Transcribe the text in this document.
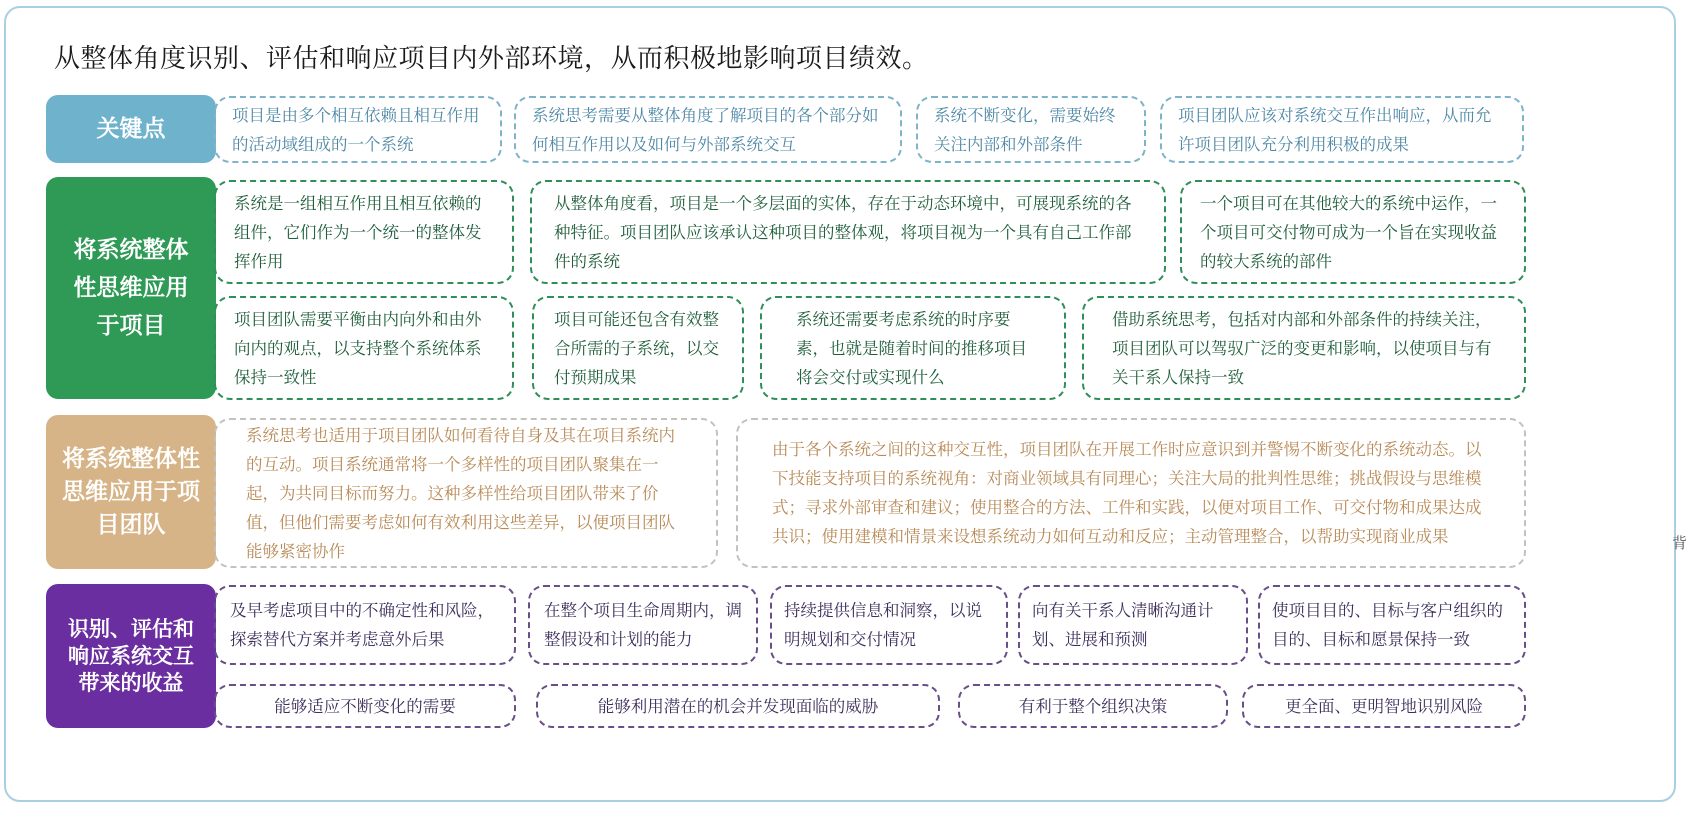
从整体角度识别、评估和响应项目内外部环境，从而积极地影响项目绩效。
关键点
项目是由多个相互依赖且相互作用的活动域组成的一个系统
系统思考需要从整体角度了解项目的各个部分如何相互作用以及如何与外部系统交互
系统不断变化，需要始终关注内部和外部条件
项目团队应该对系统交互作出响应，从而允许项目团队充分利用积极的成果
将系统整体性思维应用于项目
系统是一组相互作用且相互依赖的组件，它们作为一个统一的整体发挥作用
从整体角度看，项目是一个多层面的实体，存在于动态环境中，可展现系统的各种特征。项目团队应该承认这种项目的整体观，将项目视为一个具有自己工作部件的系统
一个项目可在其他较大的系统中运作，一个项目可交付物可成为一个旨在实现收益的较大系统的部件
项目团队需要平衡由内向外和由外向内的观点，以支持整个系统体系保持一致性
项目可能还包含有效整合所需的子系统，以交付预期成果
系统还需要考虑系统的时序要素，也就是随着时间的推移项目将会交付或实现什么
借助系统思考，包括对内部和外部条件的持续关注，项目团队可以驾驭广泛的变更和影响，以使项目与有关干系人保持一致
将系统整体性思维应用于项目团队
系统思考也适用于项目团队如何看待自身及其在项目系统内的互动。项目系统通常将一个多样性的项目团队聚集在一起，为共同目标而努力。这种多样性给项目团队带来了价值，但他们需要考虑如何有效利用这些差异，以便项目团队能够紧密协作
由于各个系统之间的这种交互性，项目团队在开展工作时应意识到并警惕不断变化的系统动态。以下技能支持项目的系统视角：对商业领域具有同理心；关注大局的批判性思维；挑战假设与思维模式；寻求外部审查和建议；使用整合的方法、工件和实践，以便对项目工作、可交付物和成果达成共识；使用建模和情景来设想系统动力如何互动和反应；主动管理整合，以帮助实现商业成果
识别、评估和响应系统交互带来的收益
及早考虑项目中的不确定性和风险，探索替代方案并考虑意外后果
在整个项目生命周期内，调整假设和计划的能力
持续提供信息和洞察，以说明规划和交付情况
向有关干系人清晰沟通计划、进展和预测
使项目目的、目标与客户组织的目的、目标和愿景保持一致
能够适应不断变化的需要	能够利用潜在的机会并发现面临的威胁	有利于整个组织决策	更全面、更明智地识别风险
背
